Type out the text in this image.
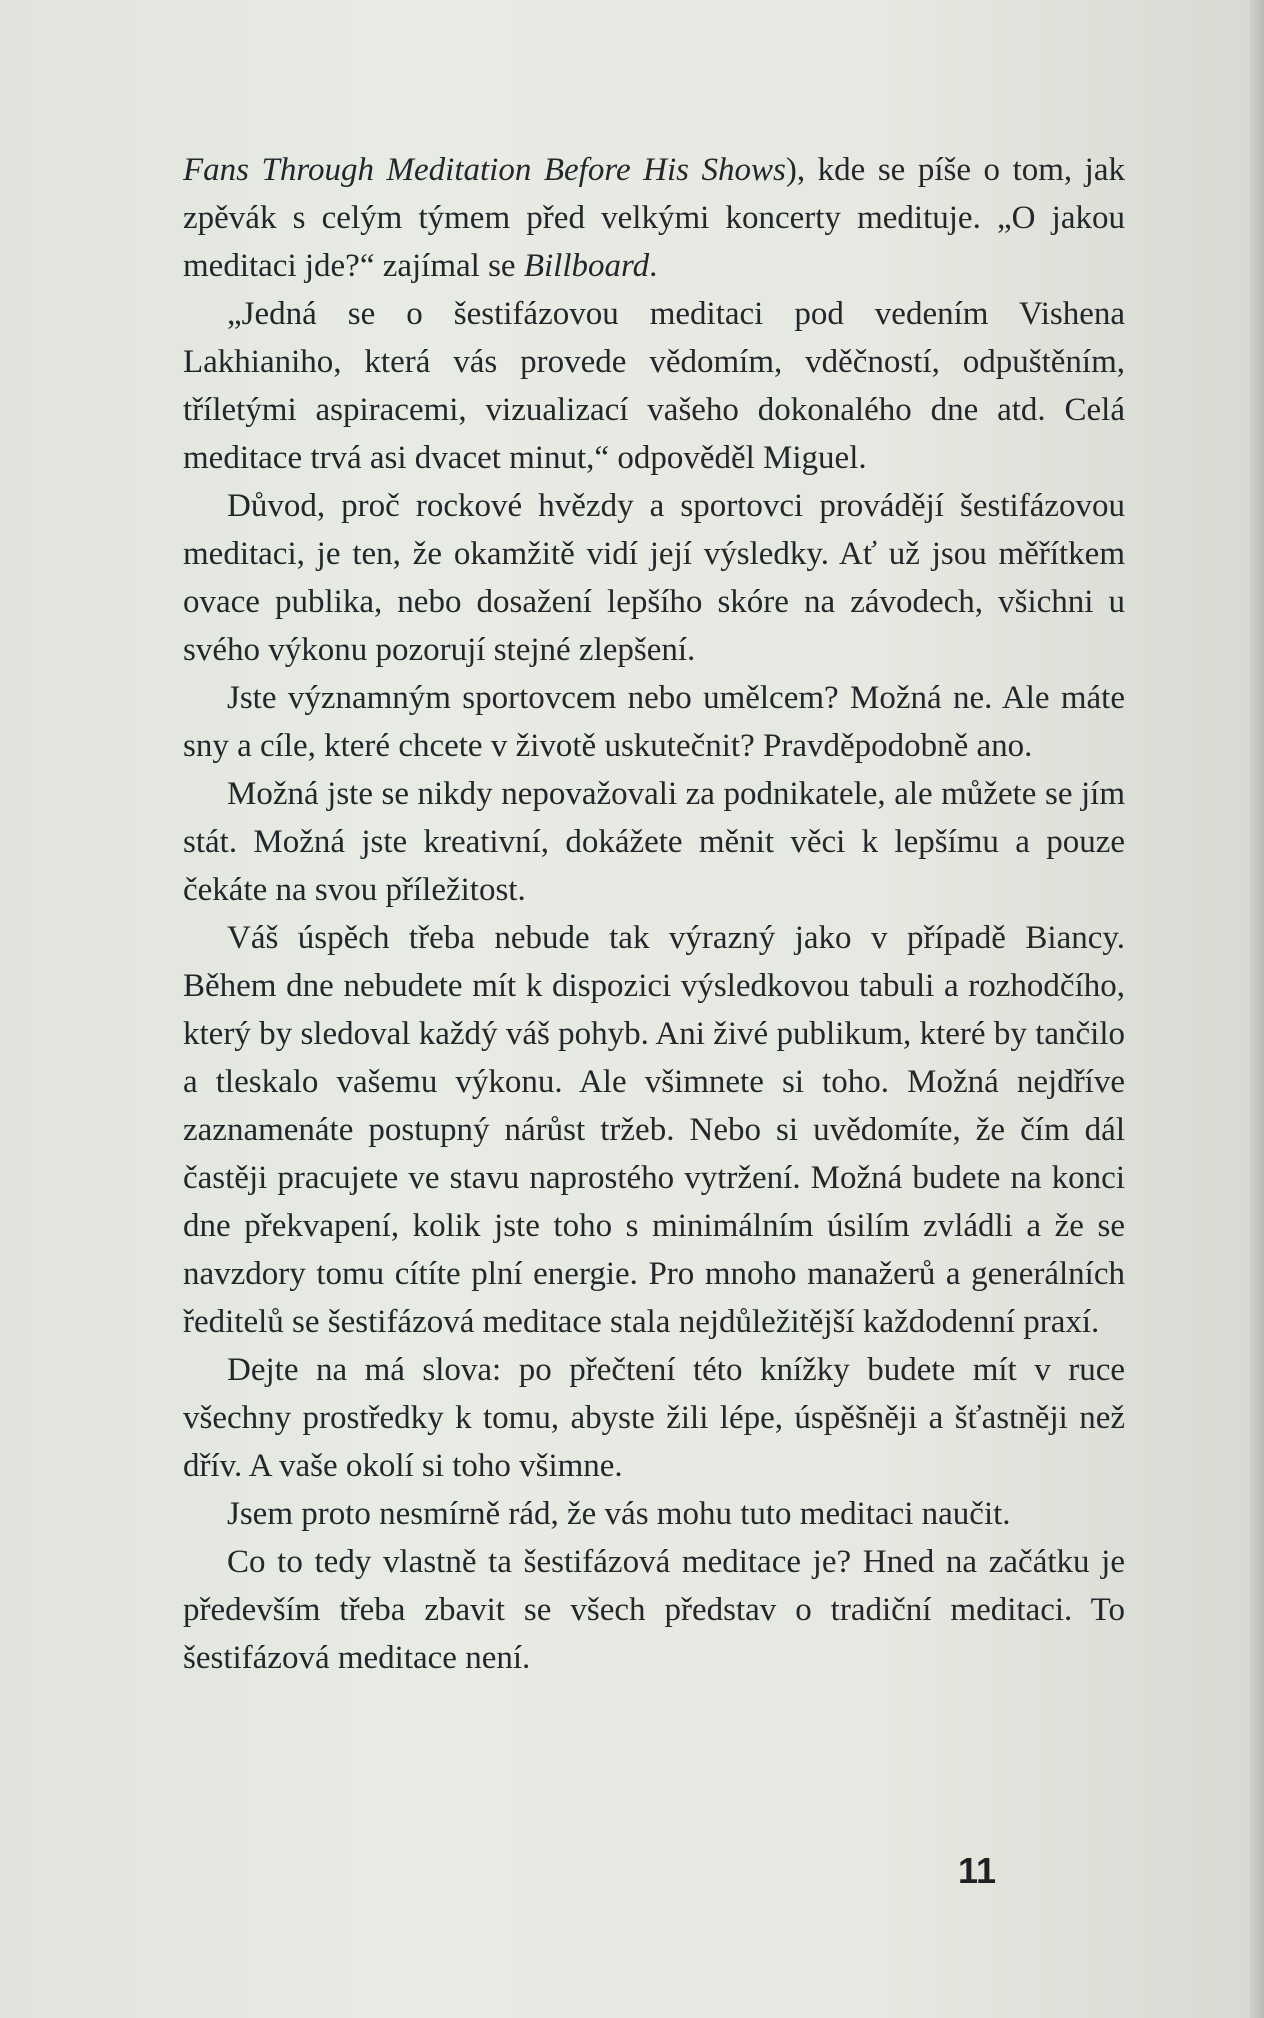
Fans Through Meditation Before His Shows), kde se píše o tom, jak zpěvák s celým týmem před velkými koncerty medituje. „O jakou meditaci jde?“ zajímal se Billboard.

„Jedná se o šestifázovou meditaci pod vedením Vishena Lakhianiho, která vás provede vědomím, vděčností, odpuštěním, tříletými aspiracemi, vizualizací vašeho dokonalého dne atd. Celá meditace trvá asi dvacet minut,“ odpověděl Miguel.

Důvod, proč rockové hvězdy a sportovci provádějí šestifázovou meditaci, je ten, že okamžitě vidí její výsledky. Ať už jsou měřítkem ovace publika, nebo dosažení lepšího skóre na závodech, všichni u svého výkonu pozorují stejné zlepšení.

Jste významným sportovcem nebo umělcem? Možná ne. Ale máte sny a cíle, které chcete v životě uskutečnit? Pravděpodobně ano.

Možná jste se nikdy nepovažovali za podnikatele, ale můžete se jím stát. Možná jste kreativní, dokážete měnit věci k lepšímu a pouze čekáte na svou příležitost.

Váš úspěch třeba nebude tak výrazný jako v případě Biancy. Během dne nebudete mít k dispozici výsledkovou tabuli a rozhodčího, který by sledoval každý váš pohyb. Ani živé publikum, které by tančilo a tleskalo vašemu výkonu. Ale všimnete si toho. Možná nejdříve zaznamenáte postupný nárůst tržeb. Nebo si uvědomíte, že čím dál častěji pracujete ve stavu naprostého vytržení. Možná budete na konci dne překvapení, kolik jste toho s minimálním úsilím zvládli a že se navzdory tomu cítíte plní energie. Pro mnoho manažerů a generálních ředitelů se šestifázová meditace stala nejdůležitější každodenní praxí.

Dejte na má slova: po přečtení této knížky budete mít v ruce všechny prostředky k tomu, abyste žili lépe, úspěšněji a šťastněji než dřív. A vaše okolí si toho všimne.

Jsem proto nesmírně rád, že vás mohu tuto meditaci naučit.

Co to tedy vlastně ta šestifázová meditace je? Hned na začátku je především třeba zbavit se všech představ o tradiční meditaci. To šestifázová meditace není.

11
